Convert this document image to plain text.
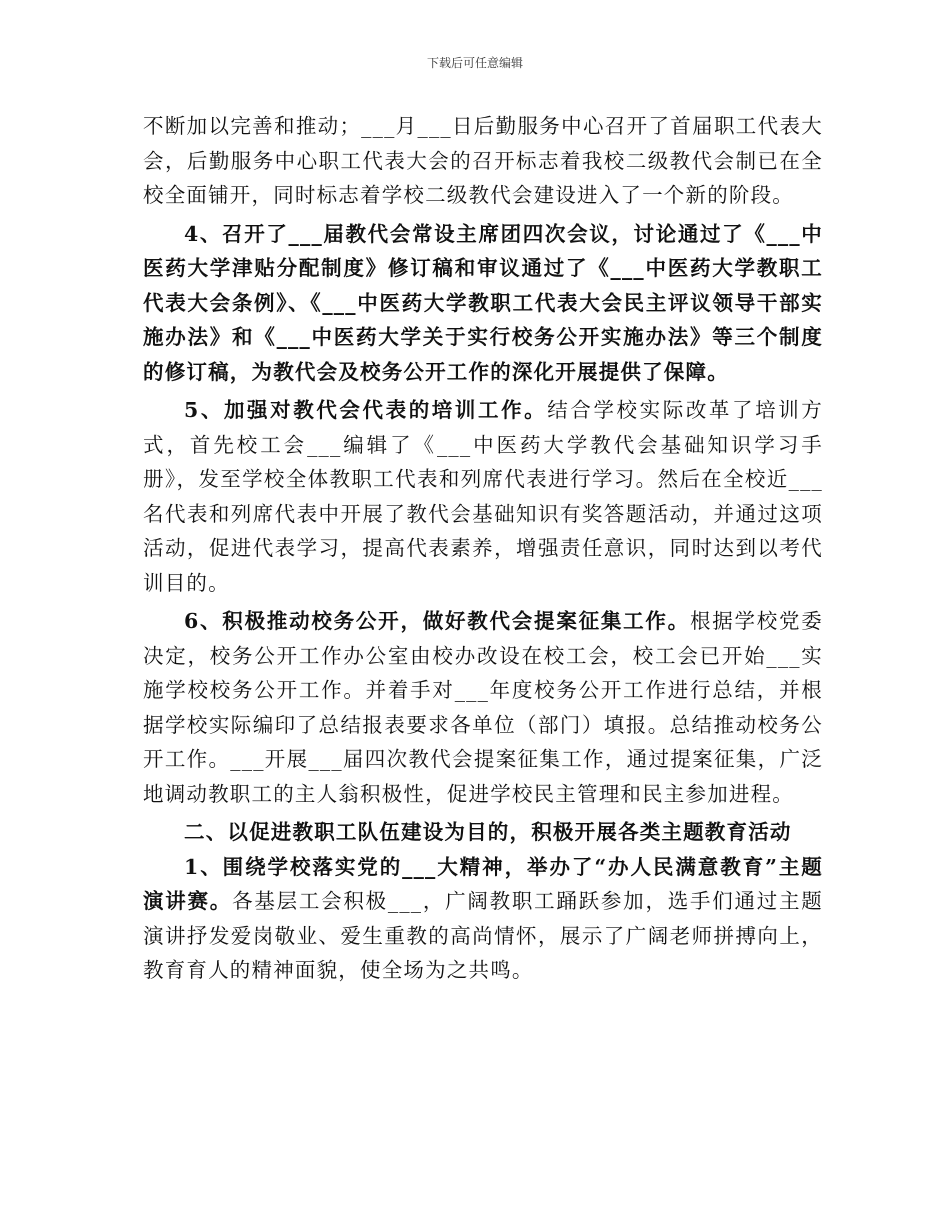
下载后可任意编辑

不断加以完善和推动；___月___日后勤服务中心召开了首届职工代表大会，后勤服务中心职工代表大会的召开标志着我校二级教代会制已在全校全面铺开，同时标志着学校二级教代会建设进入了一个新的阶段。

4、召开了___届教代会常设主席团四次会议，讨论通过了《___中医药大学津贴分配制度》修订稿和审议通过了《___中医药大学教职工代表大会条例》、《___中医药大学教职工代表大会民主评议领导干部实施办法》和《___中医药大学关于实行校务公开实施办法》等三个制度的修订稿，为教代会及校务公开工作的深化开展提供了保障。

5、加强对教代会代表的培训工作。结合学校实际改革了培训方式，首先校工会___编辑了《___中医药大学教代会基础知识学习手册》，发至学校全体教职工代表和列席代表进行学习。然后在全校近___名代表和列席代表中开展了教代会基础知识有奖答题活动，并通过这项活动，促进代表学习，提高代表素养，增强责任意识，同时达到以考代训目的。

6、积极推动校务公开，做好教代会提案征集工作。根据学校党委决定，校务公开工作办公室由校办改设在校工会，校工会已开始___实施学校校务公开工作。并着手对___年度校务公开工作进行总结，并根据学校实际编印了总结报表要求各单位（部门）填报。总结推动校务公开工作。___开展___届四次教代会提案征集工作，通过提案征集，广泛地调动教职工的主人翁积极性，促进学校民主管理和民主参加进程。

二、以促进教职工队伍建设为目的，积极开展各类主题教育活动

1、围绕学校落实党的___大精神，举办了“办人民满意教育”主题演讲赛。各基层工会积极___，广阔教职工踊跃参加，选手们通过主题演讲抒发爱岗敬业、爱生重教的高尚情怀，展示了广阔老师拼搏向上，教育育人的精神面貌，使全场为之共鸣。
